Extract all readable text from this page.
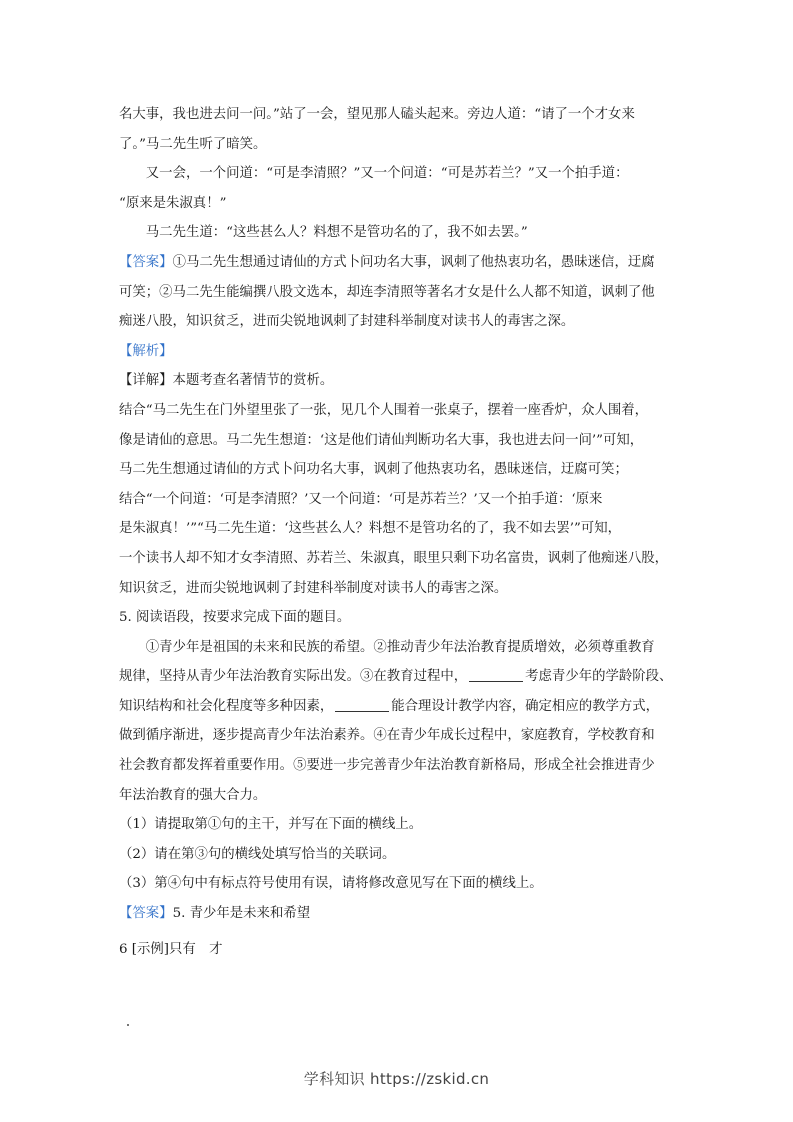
名大事，我也进去问一问。”站了一会，望见那人磕头起来。旁边人道：“请了一个才女来

了。”马二先生听了暗笑。

又一会，一个问道：“可是李清照？”又一个问道：“可是苏若兰？”又一个拍手道：

“原来是朱淑真！”

马二先生道：“这些甚么人？料想不是管功名的了，我不如去罢。”

【答案】①马二先生想通过请仙的方式卜问功名大事，讽刺了他热衷功名，愚昧迷信，迂腐

可笑；②马二先生能编撰八股文选本，却连李清照等著名才女是什么人都不知道，讽刺了他

痴迷八股，知识贫乏，进而尖锐地讽刺了封建科举制度对读书人的毒害之深。

【解析】

【详解】本题考查名著情节的赏析。

结合“马二先生在门外望里张了一张，见几个人围着一张桌子，摆着一座香炉，众人围着，

像是请仙的意思。马二先生想道：‘这是他们请仙判断功名大事，我也进去问一问’”可知，

马二先生想通过请仙的方式卜问功名大事，讽刺了他热衷功名，愚昧迷信，迂腐可笑；

结合“一个问道：‘可是李清照？’又一个问道：‘可是苏若兰？’又一个拍手道：‘原来

是朱淑真！’”“马二先生道：‘这些甚么人？料想不是管功名的了，我不如去罢’”可知，

一个读书人却不知才女李清照、苏若兰、朱淑真，眼里只剩下功名富贵，讽刺了他痴迷八股，

知识贫乏，进而尖锐地讽刺了封建科举制度对读书人的毒害之深。

5. 阅读语段，按要求完成下面的题目。

①青少年是祖国的未来和民族的希望。②推动青少年法治教育提质增效，必须尊重教育

规律，坚持从青少年法治教育实际出发。③在教育过程中，	考虑青少年的学龄阶段、

知识结构和社会化程度等多种因素，	能合理设计教学内容，确定相应的教学方式，

做到循序渐进，逐步提高青少年法治素养。④在青少年成长过程中，家庭教育，学校教育和

社会教育都发挥着重要作用。⑤要进一步完善青少年法治教育新格局，形成全社会推进青少

年法治教育的强大合力。

（1）请提取第①句的主干，并写在下面的横线上。

（2）请在第③句的横线处填写恰当的关联词。

（3）第④句中有标点符号使用有误，请将修改意见写在下面的横线上。

【答案】5. 青少年是未来和希望

6 [示例]只有　才

学科知识 https://zskid.cn
